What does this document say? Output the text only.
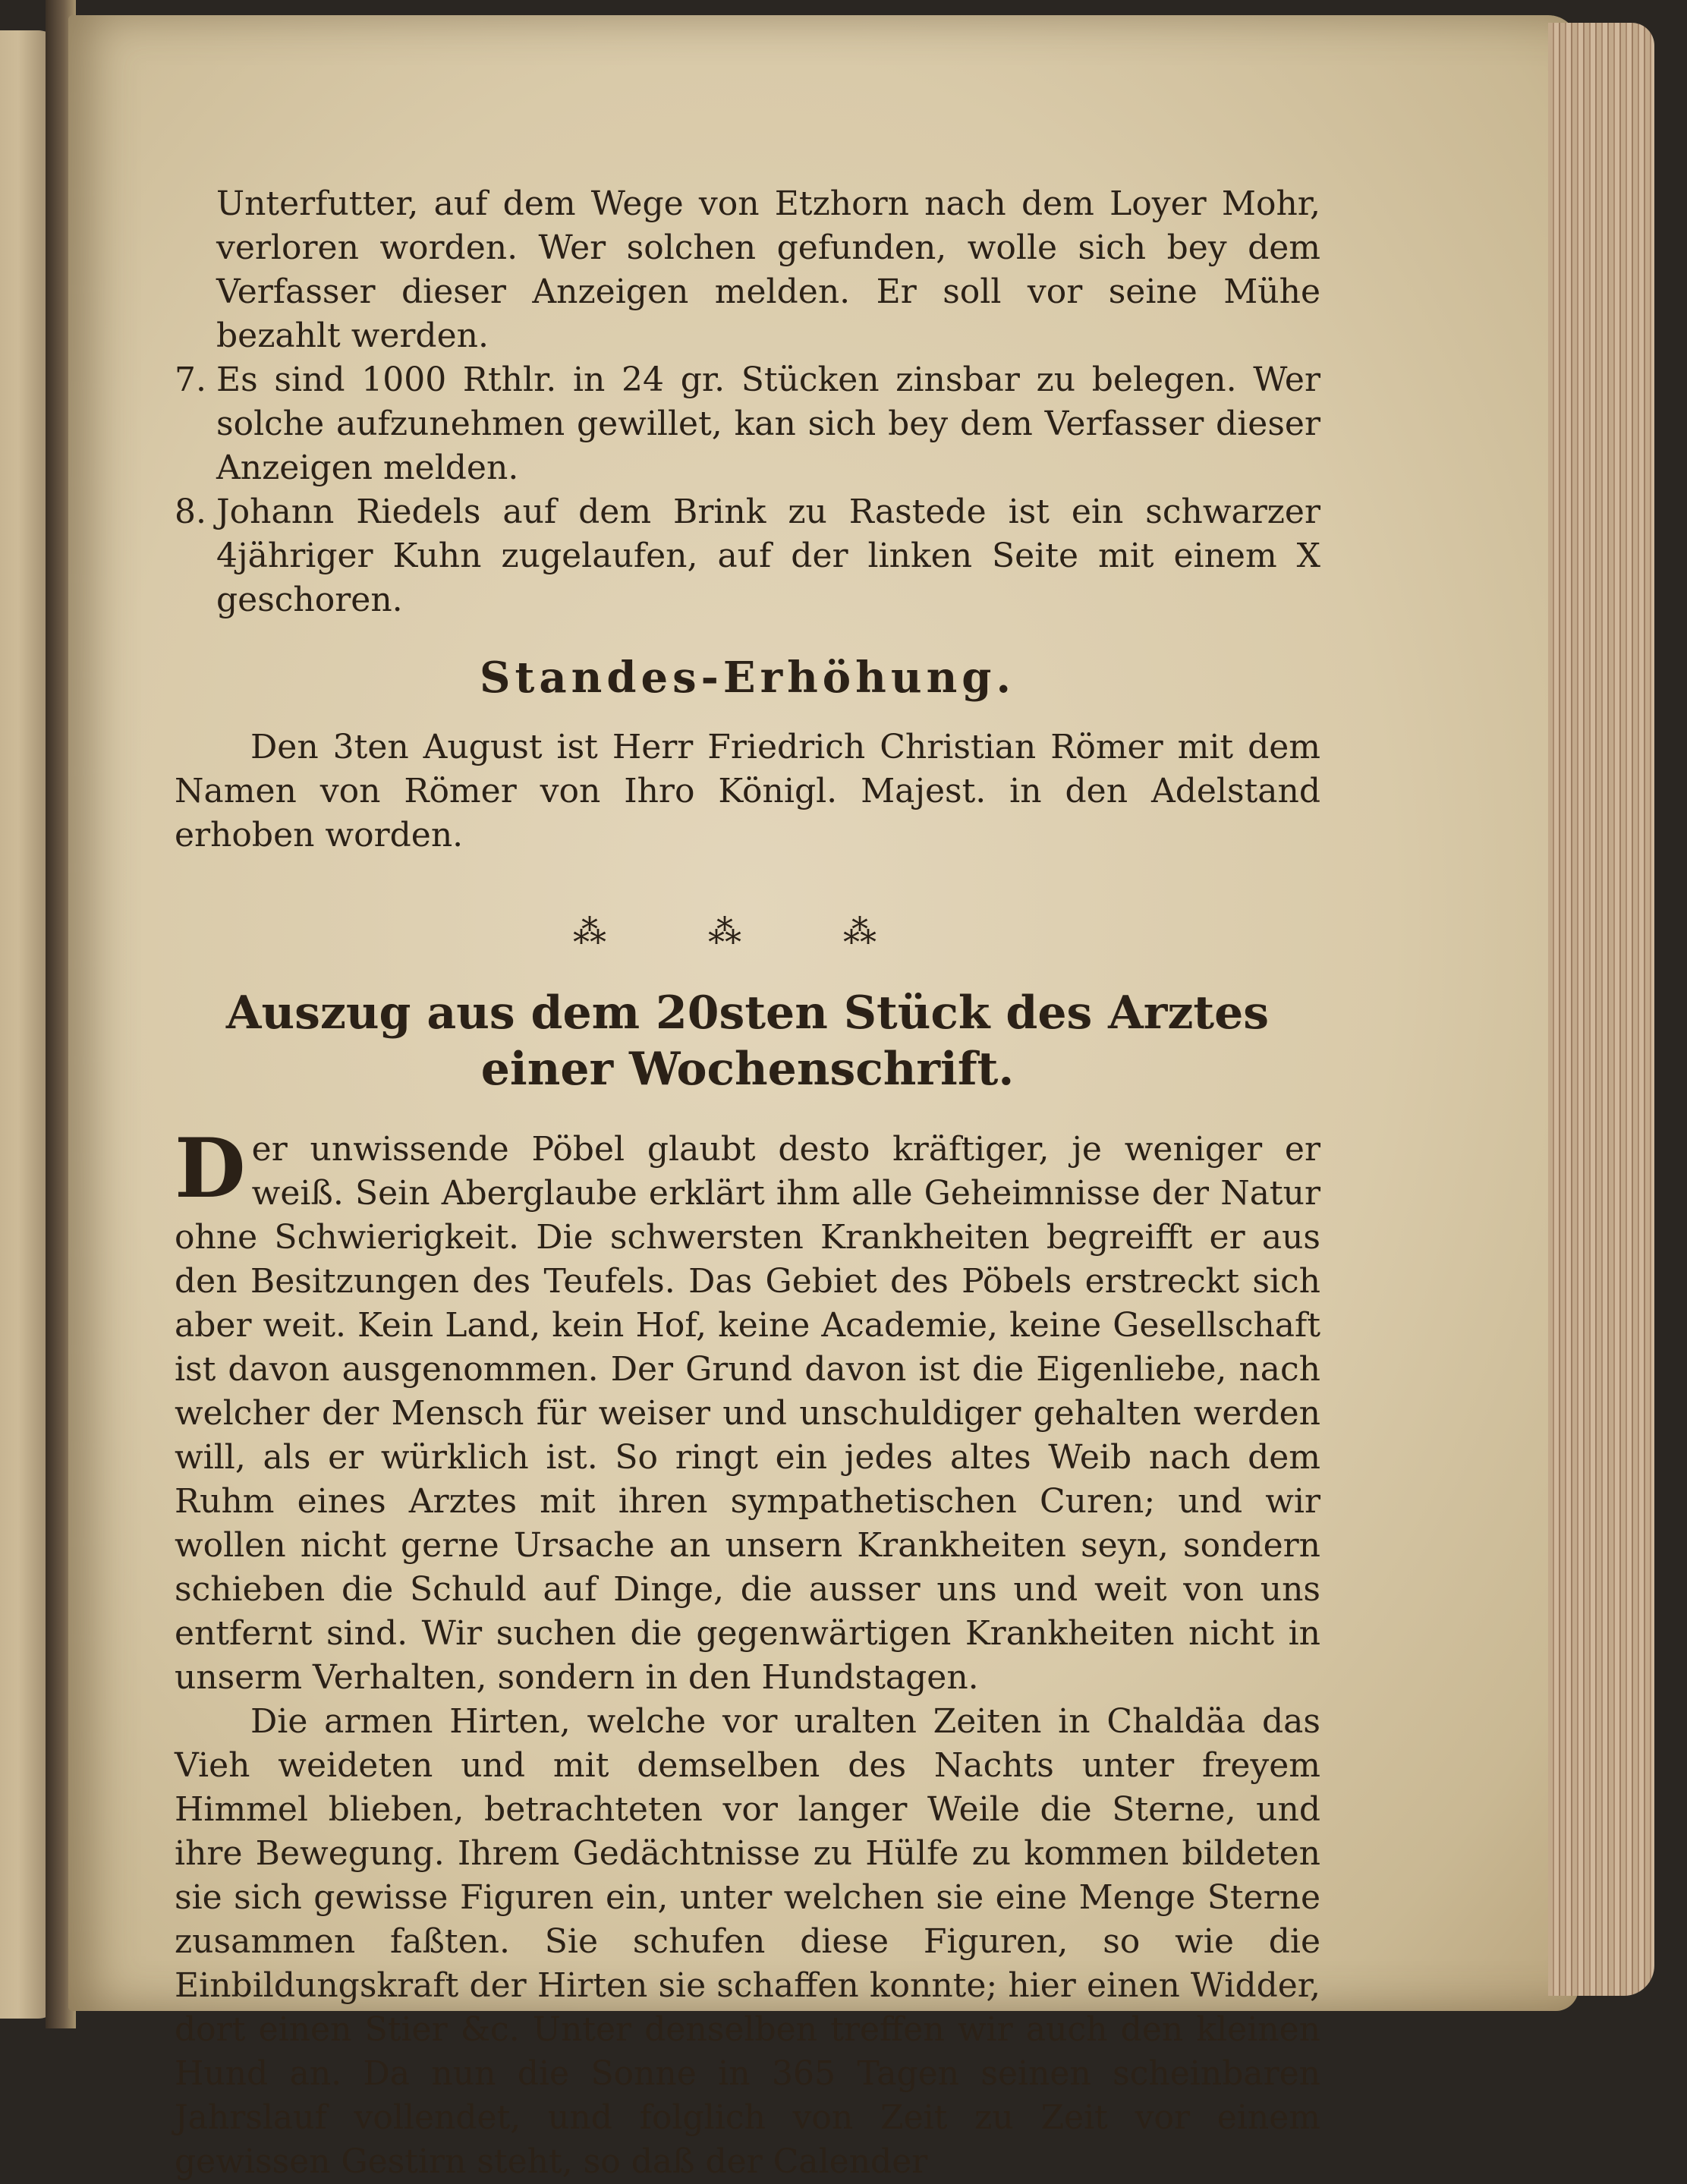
Unterfutter, auf dem Wege von Etzhorn nach dem Loyer Mohr, verloren worden. Wer solchen gefunden, wolle sich bey dem Verfasser dieser Anzeigen melden. Er soll vor seine Mühe bezahlt werden.

7. Es sind 1000 Rthlr. in 24 gr. Stücken zinsbar zu belegen. Wer solche aufzunehmen gewillet, kan sich bey dem Verfasser dieser Anzeigen melden.

8. Johann Riedels auf dem Brink zu Rastede ist ein schwarzer 4jähriger Kuhn zugelaufen, auf der linken Seite mit einem X geschoren.

Standes-Erhöhung.

Den 3ten August ist Herr Friedrich Christian Römer mit dem Namen von Römer von Ihro Königl. Majest. in den Adelstand erhoben worden.

⁂ ⁂ ⁂
Auszug aus dem 20sten Stück des Arztes einer Wochenschrift.

Der unwissende Pöbel glaubt desto kräftiger, je weniger er weiß. Sein Aberglaube erklärt ihm alle Geheimnisse der Natur ohne Schwierigkeit. Die schwersten Krankheiten begreifft er aus den Besitzungen des Teufels. Das Gebiet des Pöbels erstreckt sich aber weit. Kein Land, kein Hof, keine Academie, keine Gesellschaft ist davon ausgenommen. Der Grund davon ist die Eigenliebe, nach welcher der Mensch für weiser und unschuldiger gehalten werden will, als er würklich ist. So ringt ein jedes altes Weib nach dem Ruhm eines Arztes mit ihren sympathetischen Curen; und wir wollen nicht gerne Ursache an unsern Krankheiten seyn, sondern schieben die Schuld auf Dinge, die ausser uns und weit von uns entfernt sind. Wir suchen die gegenwärtigen Krankheiten nicht in unserm Verhalten, sondern in den Hundstagen.

Die armen Hirten, welche vor uralten Zeiten in Chaldäa das Vieh weideten und mit demselben des Nachts unter freyem Himmel blieben, betrachteten vor langer Weile die Sterne, und ihre Bewegung. Ihrem Gedächtnisse zu Hülfe zu kommen bildeten sie sich gewisse Figuren ein, unter welchen sie eine Menge Sterne zusammen faßten. Sie schufen diese Figuren, so wie die Einbildungskraft der Hirten sie schaffen konnte; hier einen Widder, dort einen Stier &c. Unter denselben treffen wir auch den kleinen Hund an. Da nun die Sonne in 365 Tagen seinen scheinbaren Jahrslauf vollendet, und folglich von Zeit zu Zeit vor einem gewissen Gestirn steht, so daß der Calender
